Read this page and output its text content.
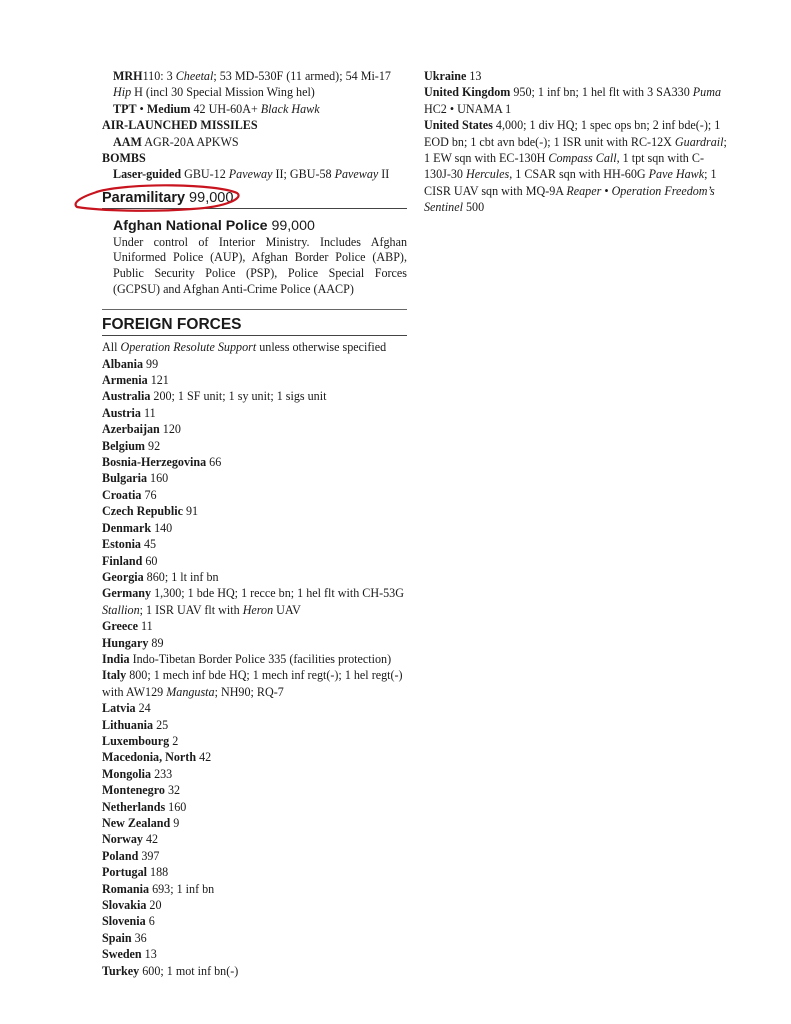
MRH110: 3 Cheetal; 53 MD-530F (11 armed); 54 Mi-17 Hip H (incl 30 Special Mission Wing hel)
TPT • Medium 42 UH-60A+ Black Hawk
AIR-LAUNCHED MISSILES
AAM AGR-20A APKWS
BOMBS
Laser-guided GBU-12 Paveway II; GBU-58 Paveway II
Paramilitary 99,000
Afghan National Police 99,000
Under control of Interior Ministry. Includes Afghan Uniformed Police (AUP), Afghan Border Police (ABP), Public Security Police (PSP), Police Special Forces (GCPSU) and Afghan Anti-Crime Police (AACP)
FOREIGN FORCES
All Operation Resolute Support unless otherwise specified
Albania 99
Armenia 121
Australia 200; 1 SF unit; 1 sy unit; 1 sigs unit
Austria 11
Azerbaijan 120
Belgium 92
Bosnia-Herzegovina 66
Bulgaria 160
Croatia 76
Czech Republic 91
Denmark 140
Estonia 45
Finland 60
Georgia 860; 1 lt inf bn
Germany 1,300; 1 bde HQ; 1 recce bn; 1 hel flt with CH-53G Stallion; 1 ISR UAV flt with Heron UAV
Greece 11
Hungary 89
India Indo-Tibetan Border Police 335 (facilities protection)
Italy 800; 1 mech inf bde HQ; 1 mech inf regt(-); 1 hel regt(-) with AW129 Mangusta; NH90; RQ-7
Latvia 24
Lithuania 25
Luxembourg 2
Macedonia, North 42
Mongolia 233
Montenegro 32
Netherlands 160
New Zealand 9
Norway 42
Poland 397
Portugal 188
Romania 693; 1 inf bn
Slovakia 20
Slovenia 6
Spain 36
Sweden 13
Turkey 600; 1 mot inf bn(-)
Ukraine 13
United Kingdom 950; 1 inf bn; 1 hel flt with 3 SA330 Puma HC2 • UNAMA 1
United States 4,000; 1 div HQ; 1 spec ops bn; 2 inf bde(-); 1 EOD bn; 1 cbt avn bde(-); 1 ISR unit with RC-12X Guardrail; 1 EW sqn with EC-130H Compass Call, 1 tpt sqn with C-130J-30 Hercules, 1 CSAR sqn with HH-60G Pave Hawk; 1 CISR UAV sqn with MQ-9A Reaper • Operation Freedom’s Sentinel 500
